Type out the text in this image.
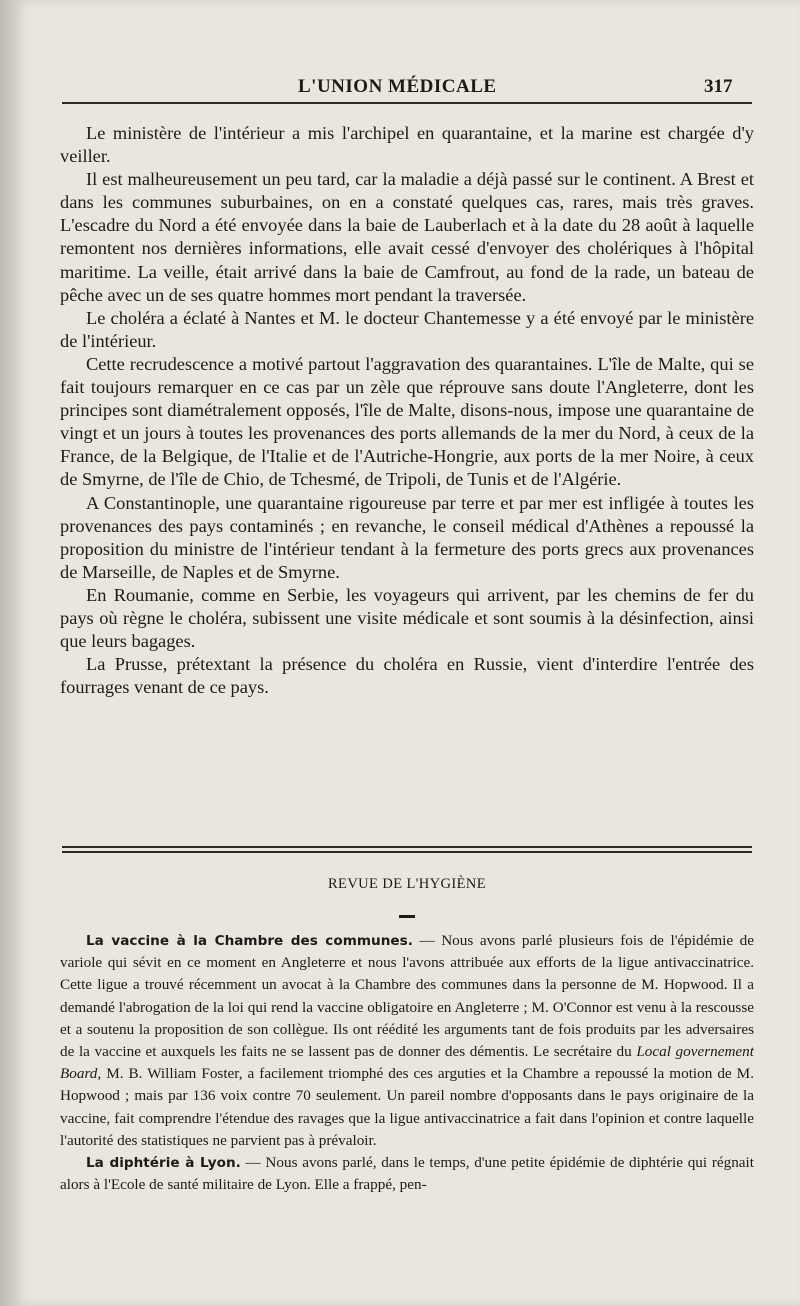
L'UNION MÉDICALE	317

Le ministère de l'intérieur a mis l'archipel en quarantaine, et la marine est chargée d'y veiller.

Il est malheureusement un peu tard, car la maladie a déjà passé sur le continent. A Brest et dans les communes suburbaines, on en a constaté quelques cas, rares, mais très graves. L'escadre du Nord a été envoyée dans la baie de Lauberlach et à la date du 28 août à laquelle remontent nos dernières informations, elle avait cessé d'envoyer des cholériques à l'hôpital maritime. La veille, était arrivé dans la baie de Camfrout, au fond de la rade, un bateau de pêche avec un de ses quatre hommes mort pendant la traversée.

Le choléra a éclaté à Nantes et M. le docteur Chantemesse y a été envoyé par le ministère de l'intérieur.

Cette recrudescence a motivé partout l'aggravation des quarantaines. L'île de Malte, qui se fait toujours remarquer en ce cas par un zèle que réprouve sans doute l'Angleterre, dont les principes sont diamétralement opposés, l'île de Malte, disons-nous, impose une quarantaine de vingt et un jours à toutes les provenances des ports allemands de la mer du Nord, à ceux de la France, de la Belgique, de l'Italie et de l'Autriche-Hongrie, aux ports de la mer Noire, à ceux de Smyrne, de l'île de Chio, de Tchesmé, de Tripoli, de Tunis et de l'Algérie.

A Constantinople, une quarantaine rigoureuse par terre et par mer est infligée à toutes les provenances des pays contaminés ; en revanche, le conseil médical d'Athènes a repoussé la proposition du ministre de l'intérieur tendant à la fermeture des ports grecs aux provenances de Marseille, de Naples et de Smyrne.

En Roumanie, comme en Serbie, les voyageurs qui arrivent, par les chemins de fer du pays où règne le choléra, subissent une visite médicale et sont soumis à la désinfection, ainsi que leurs bagages.

La Prusse, prétextant la présence du choléra en Russie, vient d'interdire l'entrée des fourrages venant de ce pays.

REVUE DE L'HYGIÈNE

La vaccine à la Chambre des communes. — Nous avons parlé plusieurs fois de l'épidémie de variole qui sévit en ce moment en Angleterre et nous l'avons attribuée aux efforts de la ligue antivaccinatrice. Cette ligue a trouvé récemment un avocat à la Chambre des communes dans la personne de M. Hopwood. Il a demandé l'abrogation de la loi qui rend la vaccine obligatoire en Angleterre ; M. O'Connor est venu à la rescousse et a soutenu la proposition de son collègue. Ils ont réédité les arguments tant de fois produits par les adversaires de la vaccine et auxquels les faits ne se lassent pas de donner des démentis. Le secrétaire du Local governement Board, M. B. William Foster, a facilement triomphé des ces arguties et la Chambre a repoussé la motion de M. Hopwood ; mais par 136 voix contre 70 seulement. Un pareil nombre d'opposants dans le pays originaire de la vaccine, fait comprendre l'étendue des ravages que la ligue antivaccinatrice a fait dans l'opinion et contre laquelle l'autorité des statistiques ne parvient pas à prévaloir.

La diphtérie à Lyon. — Nous avons parlé, dans le temps, d'une petite épidémie de diphtérie qui régnait alors à l'Ecole de santé militaire de Lyon. Elle a frappé, pen-
